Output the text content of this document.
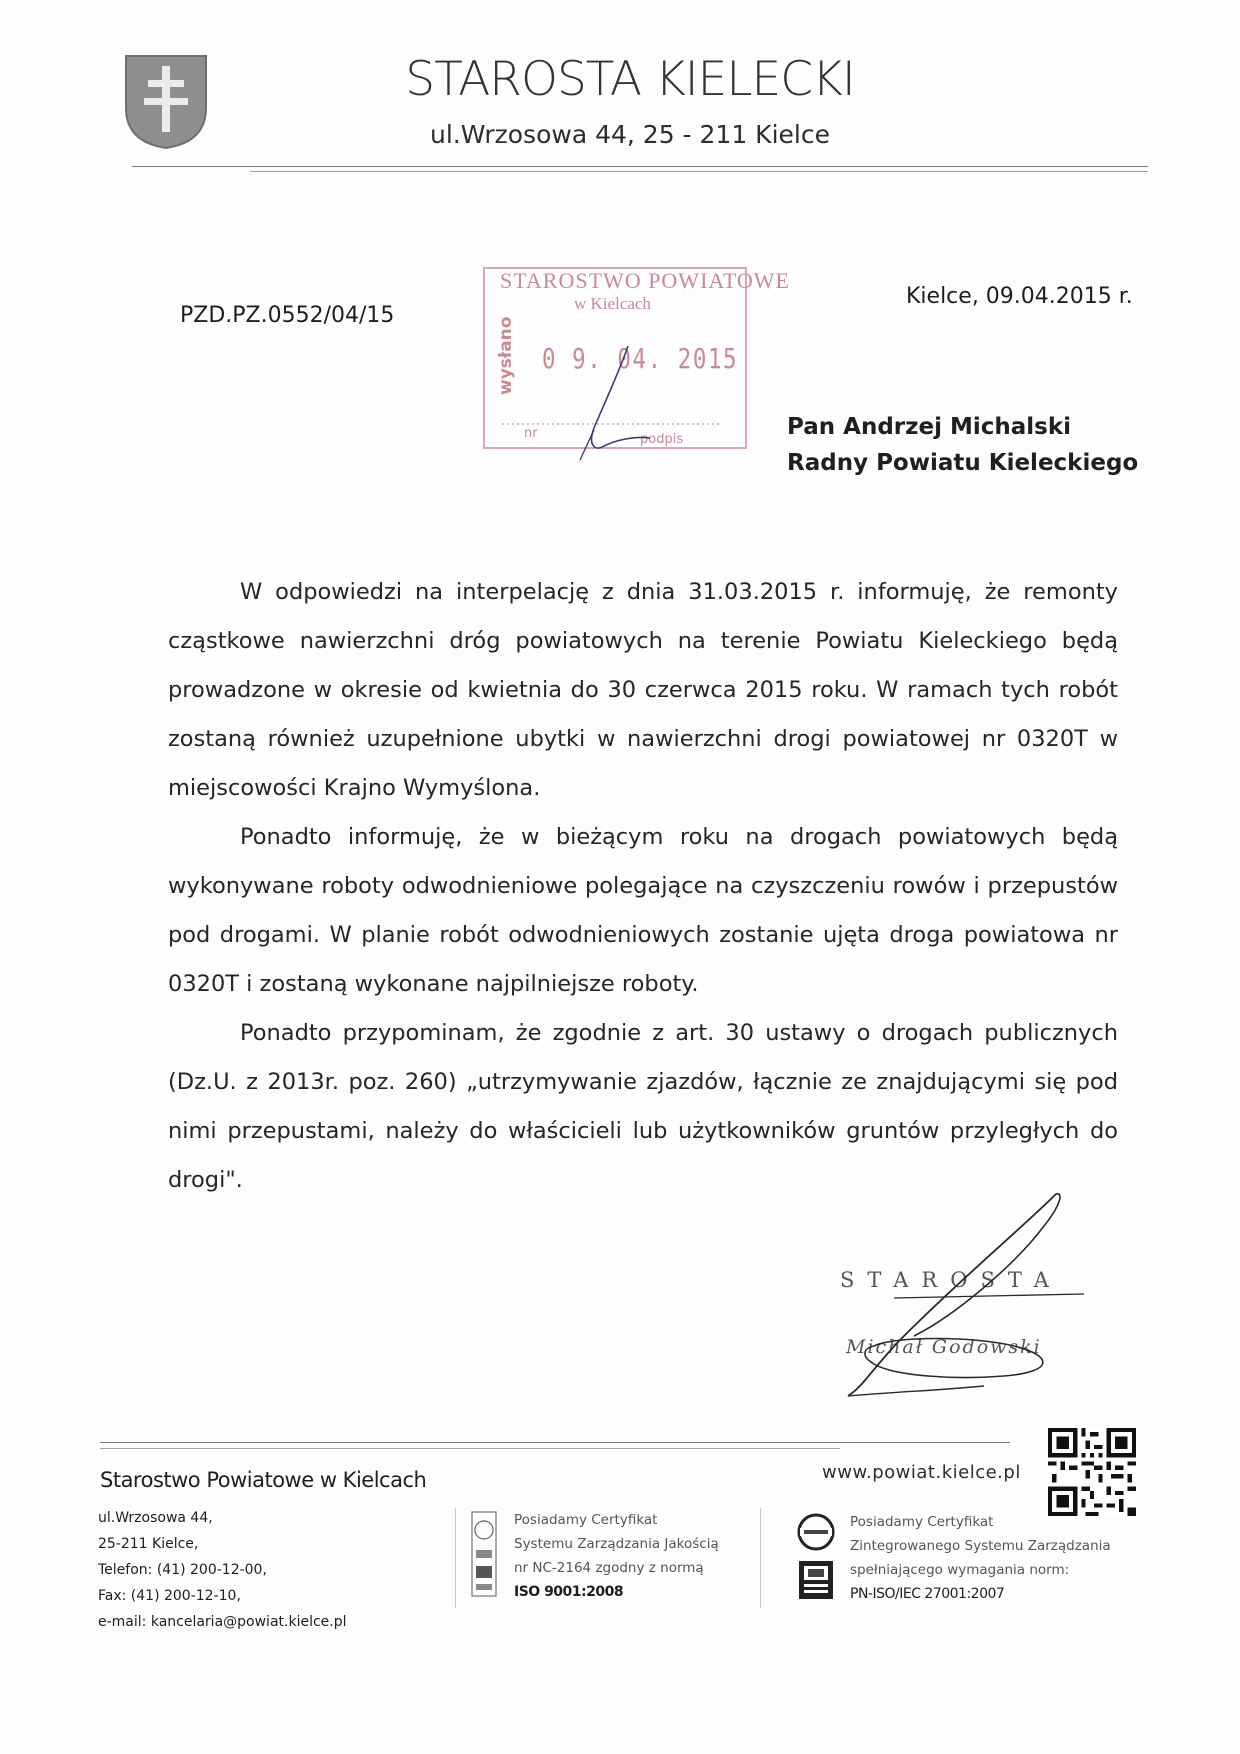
STAROSTA KIELECKI
ul.Wrzosowa 44, 25 - 211 Kielce
PZD.PZ.0552/04/15
Kielce, 09.04.2015 r.
STAROSTWO POWIATOWE
w Kielcach
wysłano 0 9. 04. 2015
nr	podpis	Pan Andrzej Michalski
Radny Powiatu Kieleckiego

W odpowiedzi na interpelację z dnia 31.03.2015 r. informuję, że remonty cząstkowe nawierzchni dróg powiatowych na terenie Powiatu Kieleckiego będą prowadzone w okresie od kwietnia do 30 czerwca 2015 roku. W ramach tych robót zostaną również uzupełnione ubytki w nawierzchni drogi powiatowej nr 0320T w miejscowości Krajno Wymyślona.

Ponadto informuję, że w bieżącym roku na drogach powiatowych będą wykonywane roboty odwodnieniowe polegające na czyszczeniu rowów i przepustów pod drogami. W planie robót odwodnieniowych zostanie ujęta droga powiatowa nr 0320T i zostaną wykonane najpilniejsze roboty.

Ponadto przypominam, że zgodnie z art. 30 ustawy o drogach publicznych (Dz.U. z 2013r. poz. 260) „utrzymywanie zjazdów, łącznie ze znajdującymi się pod nimi przepustami, należy do właścicieli lub użytkowników gruntów przyległych do drogi".

STAROSTA
Michał Godowski
Starostwo Powiatowe w Kielcach
ul.Wrzosowa 44,
25-211 Kielce,
Telefon: (41) 200-12-00,
Fax: (41) 200-12-10,
e-mail: kancelaria@powiat.kielce.pl
www.powiat.kielce.pl
Posiadamy Certyfikat
Systemu Zarządzania Jakością
nr NC-2164 zgodny z normą
ISO 9001:2008
Posiadamy Certyfikat
Zintegrowanego Systemu Zarządzania
spełniającego wymagania norm:
PN-ISO/IEC 27001:2007
